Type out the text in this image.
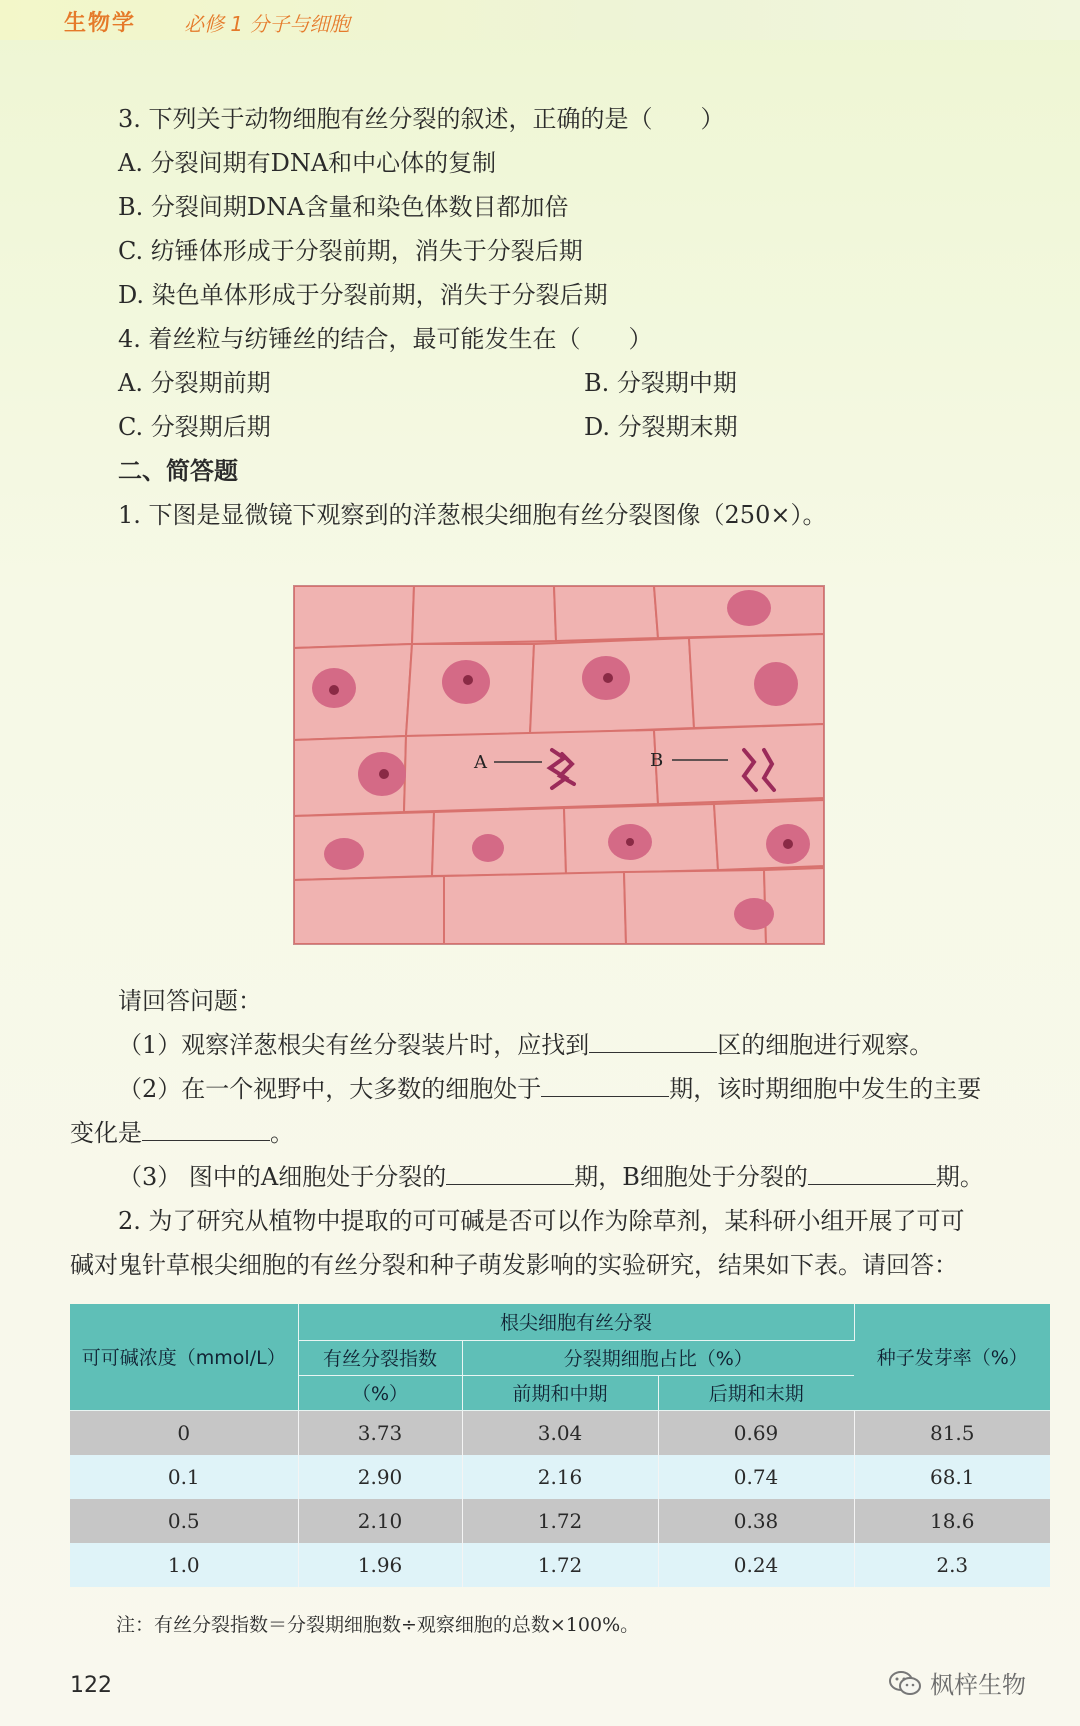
生物学 必修 1 分子与细胞
3. 下列关于动物细胞有丝分裂的叙述，正确的是（　　）
A. 分裂间期有DNA和中心体的复制
B. 分裂间期DNA含量和染色体数目都加倍
C. 纺锤体形成于分裂前期，消失于分裂后期
D. 染色单体形成于分裂前期，消失于分裂后期
4. 着丝粒与纺锤丝的结合，最可能发生在（　　）
A. 分裂期前期	B. 分裂期中期
C. 分裂期后期	D. 分裂期末期
二、简答题
1. 下图是显微镜下观察到的洋葱根尖细胞有丝分裂图像（250×）。
A	B
请回答问题：
（1）观察洋葱根尖有丝分裂装片时，应找到	区的细胞进行观察。
（2）在一个视野中，大多数的细胞处于	期，该时期细胞中发生的主要
变化是	。
（3） 图中的A细胞处于分裂的	期，B细胞处于分裂的	期。
2. 为了研究从植物中提取的可可碱是否可以作为除草剂，某科研小组开展了可可
碱对鬼针草根尖细胞的有丝分裂和种子萌发影响的实验研究，结果如下表。请回答：
可可碱浓度（mmol/L）	根尖细胞有丝分裂			种子发芽率（%）
	有丝分裂指数	分裂期细胞占比（%）		
	（%）	前期和中期	后期和末期	
0	3.73	3.04	0.69	81.5
0.1	2.90	2.16	0.74	68.1
0.5	2.10	1.72	0.38	18.6
1.0	1.96	1.72	0.24	2.3
注：有丝分裂指数＝分裂期细胞数÷观察细胞的总数×100%。
122	枫梓生物
